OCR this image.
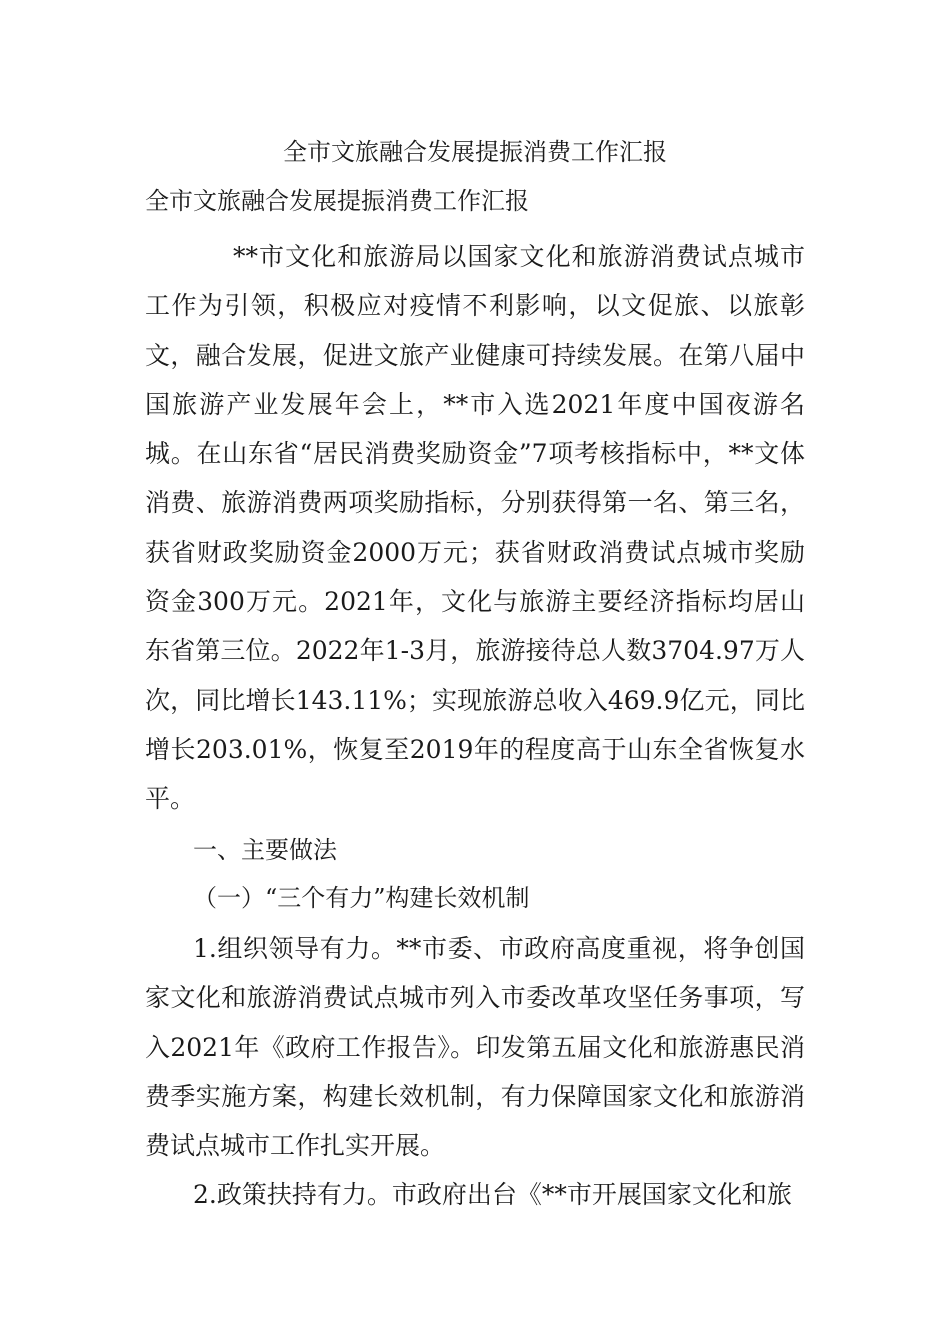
全市文旅融合发展提振消费工作汇报
全市文旅融合发展提振消费工作汇报

**市文化和旅游局以国家文化和旅游消费试点城市工作为引领，积极应对疫情不利影响，以文促旅、以旅彰文，融合发展，促进文旅产业健康可持续发展。在第八届中国旅游产业发展年会上，**市入选2021年度中国夜游名城。在山东省“居民消费奖励资金”7项考核指标中，**文体消费、旅游消费两项奖励指标，分别获得第一名、第三名，获省财政奖励资金2000万元；获省财政消费试点城市奖励资金300万元。2021年，文化与旅游主要经济指标均居山东省第三位。2022年1-3月，旅游接待总人数3704.97万人次，同比增长143.11%；实现旅游总收入469.9亿元，同比增长203.01%，恢复至2019年的程度高于山东全省恢复水平。

一、主要做法

（一）“三个有力”构建长效机制

1.组织领导有力。**市委、市政府高度重视，将争创国家文化和旅游消费试点城市列入市委改革攻坚任务事项，写入2021年《政府工作报告》。印发第五届文化和旅游惠民消费季实施方案，构建长效机制，有力保障国家文化和旅游消费试点城市工作扎实开展。

2.政策扶持有力。市政府出台《**市开展国家文化和旅
